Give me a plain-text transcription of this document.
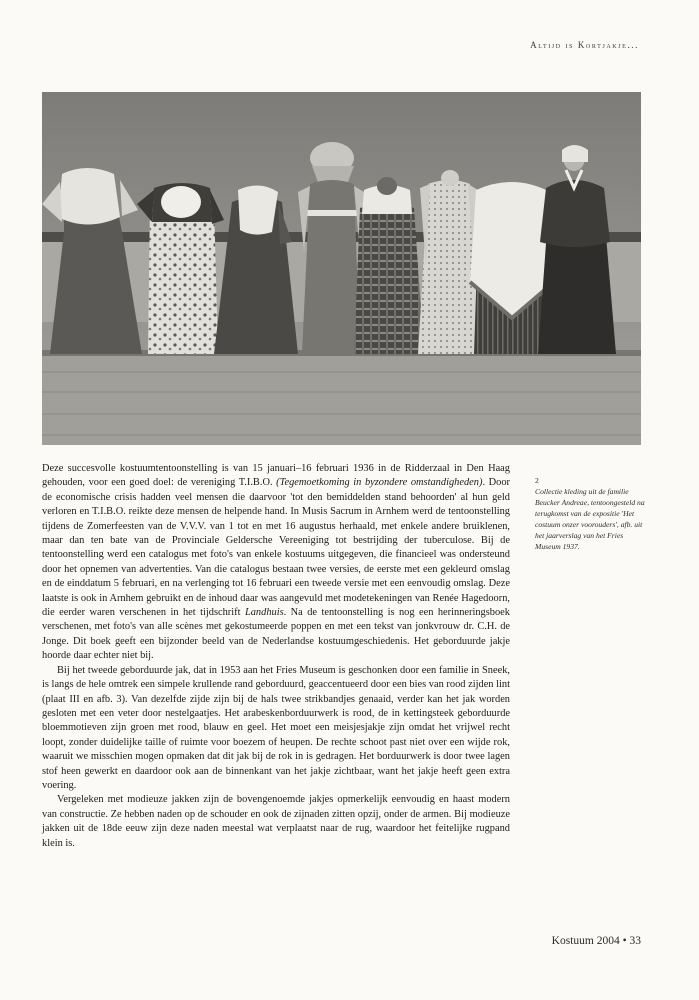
Altijd is Kortjakje...
2
Collectie kleding uit de familie Beucker Andreae, tentoongesteld na terugkomst van de expositie 'Het costuum onzer voorouders', afb. uit het jaarverslag van het Fries Museum 1937.

Deze succesvolle kostuumtentoonstelling is van 15 januari–16 februari 1936 in de Ridderzaal in Den Haag gehouden, voor een goed doel: de vereniging T.I.B.O. (Tegemoetkoming in byzondere omstandigheden). Door de economische crisis hadden veel mensen die daarvoor 'tot den bemiddelden stand behoorden' al hun geld verloren en T.I.B.O. reikte deze mensen de helpende hand. In Musis Sacrum in Arnhem werd de tentoonstelling tijdens de Zomerfeesten van de V.V.V. van 1 tot en met 16 augustus herhaald, met enkele andere bruiklenen, maar dan ten bate van de Provinciale Geldersche Vereeniging tot bestrijding der tuberculose. Bij de tentoonstelling werd een catalogus met foto's van enkele kostuums uitgegeven, die financieel was ondersteund door het opnemen van advertenties. Van die catalogus bestaan twee versies, de eerste met een gekleurd omslag en de einddatum 5 februari, en na verlenging tot 16 februari een tweede versie met een eenvoudig omslag. Deze laatste is ook in Arnhem gebruikt en de inhoud daar was aangevuld met modetekeningen van Renée Hagedoorn, die eerder waren verschenen in het tijdschrift Landhuis. Na de tentoonstelling is nog een herinneringsboek verschenen, met foto's van alle scènes met gekostumeerde poppen en met een tekst van jonkvrouw dr. C.H. de Jonge. Dit boek geeft een bijzonder beeld van de Nederlandse kostuumgeschiedenis. Het geborduurde jakje hoorde daar echter niet bij.

Bij het tweede geborduurde jak, dat in 1953 aan het Fries Museum is geschonken door een familie in Sneek, is langs de hele omtrek een simpele krullende rand geborduurd, geaccentueerd door een bies van rood zijden lint (plaat III en afb. 3). Van dezelfde zijde zijn bij de hals twee strikbandjes genaaid, verder kan het jak worden gesloten met een veter door nestelgaatjes. Het arabeskenborduurwerk is rood, de in kettingsteek geborduurde bloemmotieven zijn groen met rood, blauw en geel. Het moet een meisjesjakje zijn omdat het vrijwel recht loopt, zonder duidelijke taille of ruimte voor boezem of heupen. De rechte schoot past niet over een wijde rok, waaruit we misschien mogen opmaken dat dit jak bij de rok in is gedragen. Het borduurwerk is door twee lagen stof heen gewerkt en daardoor ook aan de binnenkant van het jakje zichtbaar, want het jakje heeft geen extra voering.

Vergeleken met modieuze jakken zijn de bovengenoemde jakjes opmerkelijk eenvoudig en haast modern van constructie. Ze hebben naden op de schouder en ook de zijnaden zitten opzij, onder de armen. Bij modieuze jakken uit de 18de eeuw zijn deze naden meestal wat verplaatst naar de rug, waardoor het feitelijke rugpand klein is.

Kostuum 2004 • 33
